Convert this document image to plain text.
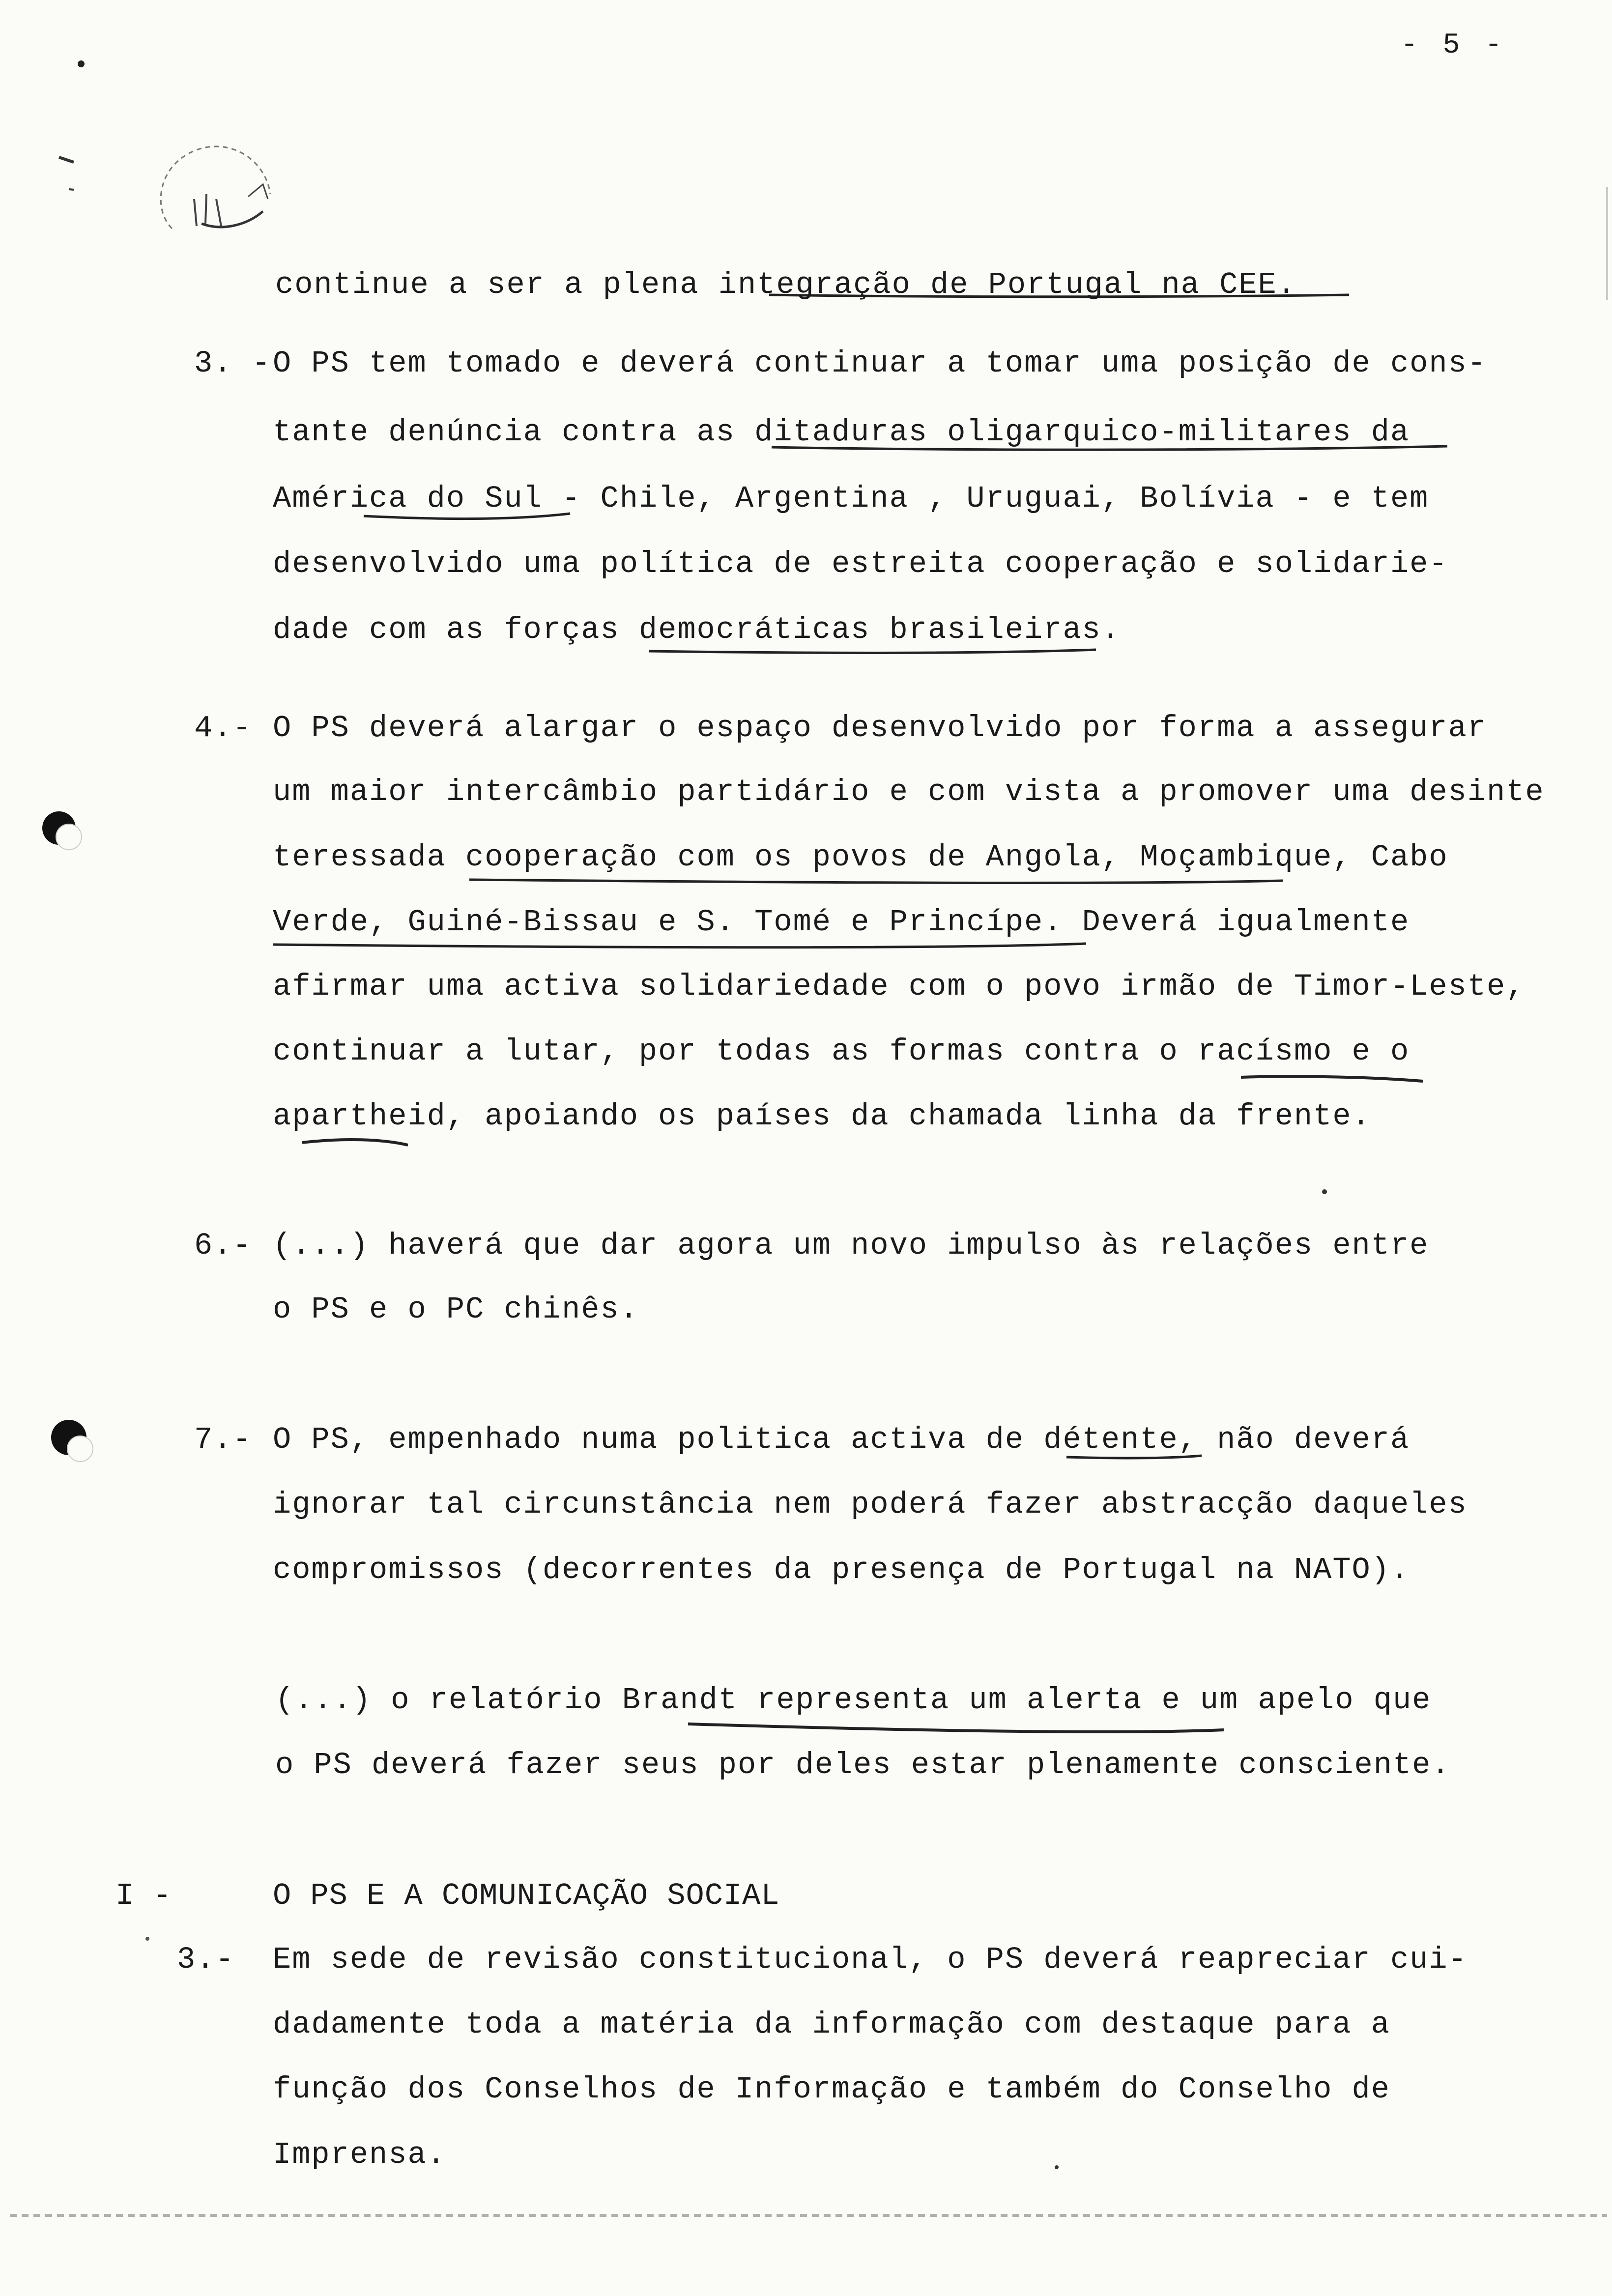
- 5 -
continue a ser a plena integração de Portugal na CEE.
3. - O PS tem tomado e deverá continuar a tomar uma posição de cons-
tante denúncia contra as ditaduras oligarquico-militares da
América do Sul - Chile, Argentina , Uruguai, Bolívia - e tem
desenvolvido uma política de estreita cooperação e solidarie-
dade com as forças democráticas brasileiras.
4.- O PS deverá alargar o espaço desenvolvido por forma a assegurar
um maior intercâmbio partidário e com vista a promover uma desinte
teressada cooperação com os povos de Angola, Moçambique, Cabo
Verde, Guiné-Bissau e S. Tomé e Princípe. Deverá igualmente
afirmar uma activa solidariedade com o povo irmão de Timor-Leste,
continuar a lutar, por todas as formas contra o racísmo e o
apartheid, apoiando os países da chamada linha da frente.
6.- (...) haverá que dar agora um novo impulso às relações entre
o PS e o PC chinês.
7.- O PS, empenhado numa politica activa de détente, não deverá
ignorar tal circunstância nem poderá fazer abstracção daqueles
compromissos (decorrentes da presença de Portugal na NATO).
(...) o relatório Brandt representa um alerta e um apelo que
o PS deverá fazer seus por deles estar plenamente consciente.
I -	O PS E A COMUNICAÇÃO SOCIAL
3.- Em sede de revisão constitucional, o PS deverá reapreciar cui-
dadamente toda a matéria da informação com destaque para a
função dos Conselhos de Informação e também do Conselho de
Imprensa.
